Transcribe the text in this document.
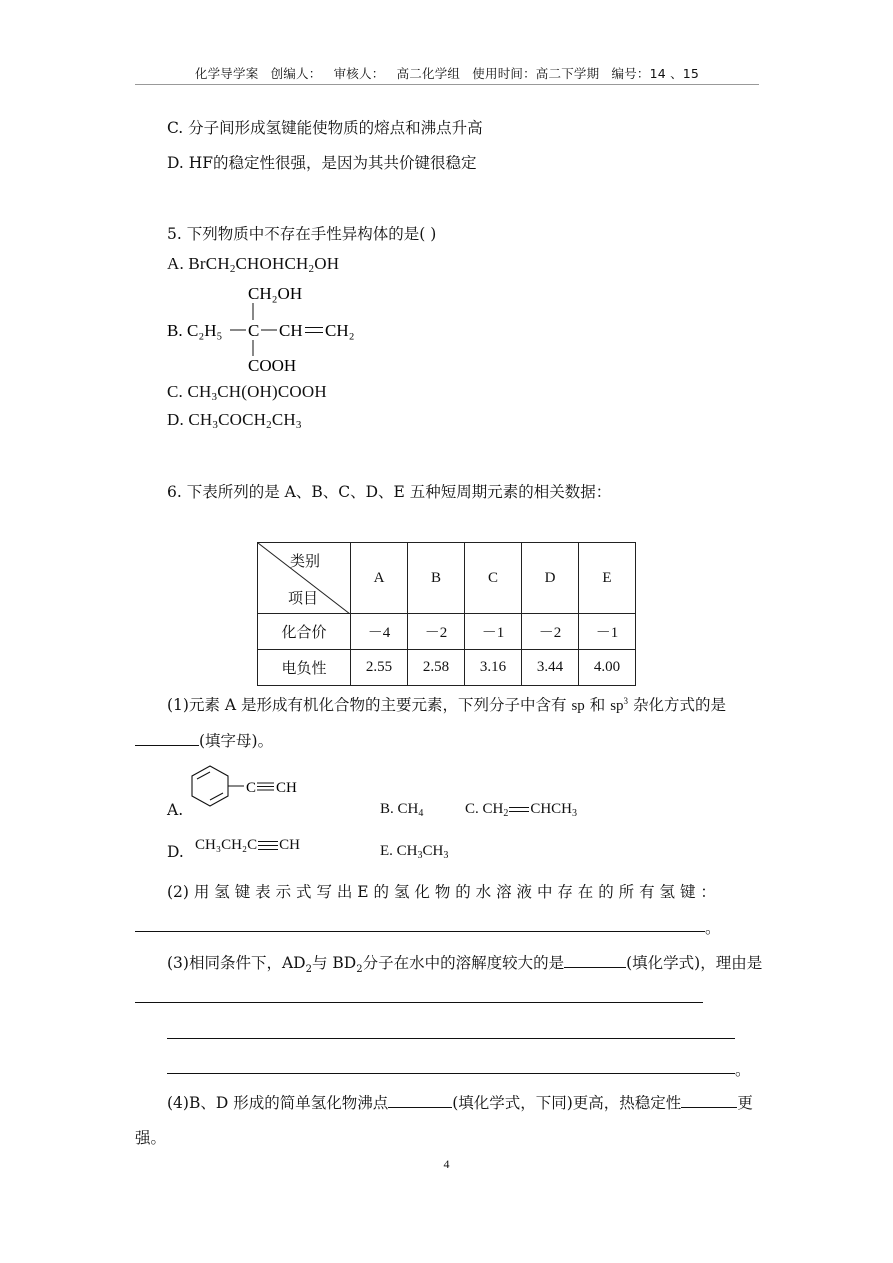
化学导学案 创编人： 审核人： 高二化学组 使用时间：高二下学期 编号：14 、15
C. 分子间形成氢键能使物质的熔点和沸点升高
D. HF的稳定性很强，是因为其共价键很稳定
5. 下列物质中不存在手性异构体的是( )
A. $BrCH_2CHOHCH_2OH$
B.
CH₂OH
C₂H₅ C CH CH₂
COOH
C. $CH_3CH(OH)COOH$
D. $CH_3COCH_2CH_3$
6. 下表所列的是 A、B、C、D、E 五种短周期元素的相关数据：
类别
项目	A	B	C	D	E
化合价	－4	－2	－1	－2	－1
电负性	2.55	2.58	3.16	3.44	4.00
(1)元素 A 是形成有机化合物的主要元素，下列分子中含有 sp 和 $sp^3$ 杂化方式的是
(填字母)。
A.
C CH
B. $CH_4$	C. $CH_2$ $CHCH_3$
D. CH₃CH₂C CH	E. $CH_3CH_3$
(2) 用 氢 键 表 示 式 写 出 E 的 氢 化 物 的 水 溶 液 中 存 在 的 所 有 氢 键 ：
。
(3)相同条件下，$AD_2$与 $BD_2$分子在水中的溶解度较大的是	(填化学式)，理由是
。
(4)B、D 形成的简单氢化物沸点	(填化学式，下同)更高，热稳定性	更
强。
4
